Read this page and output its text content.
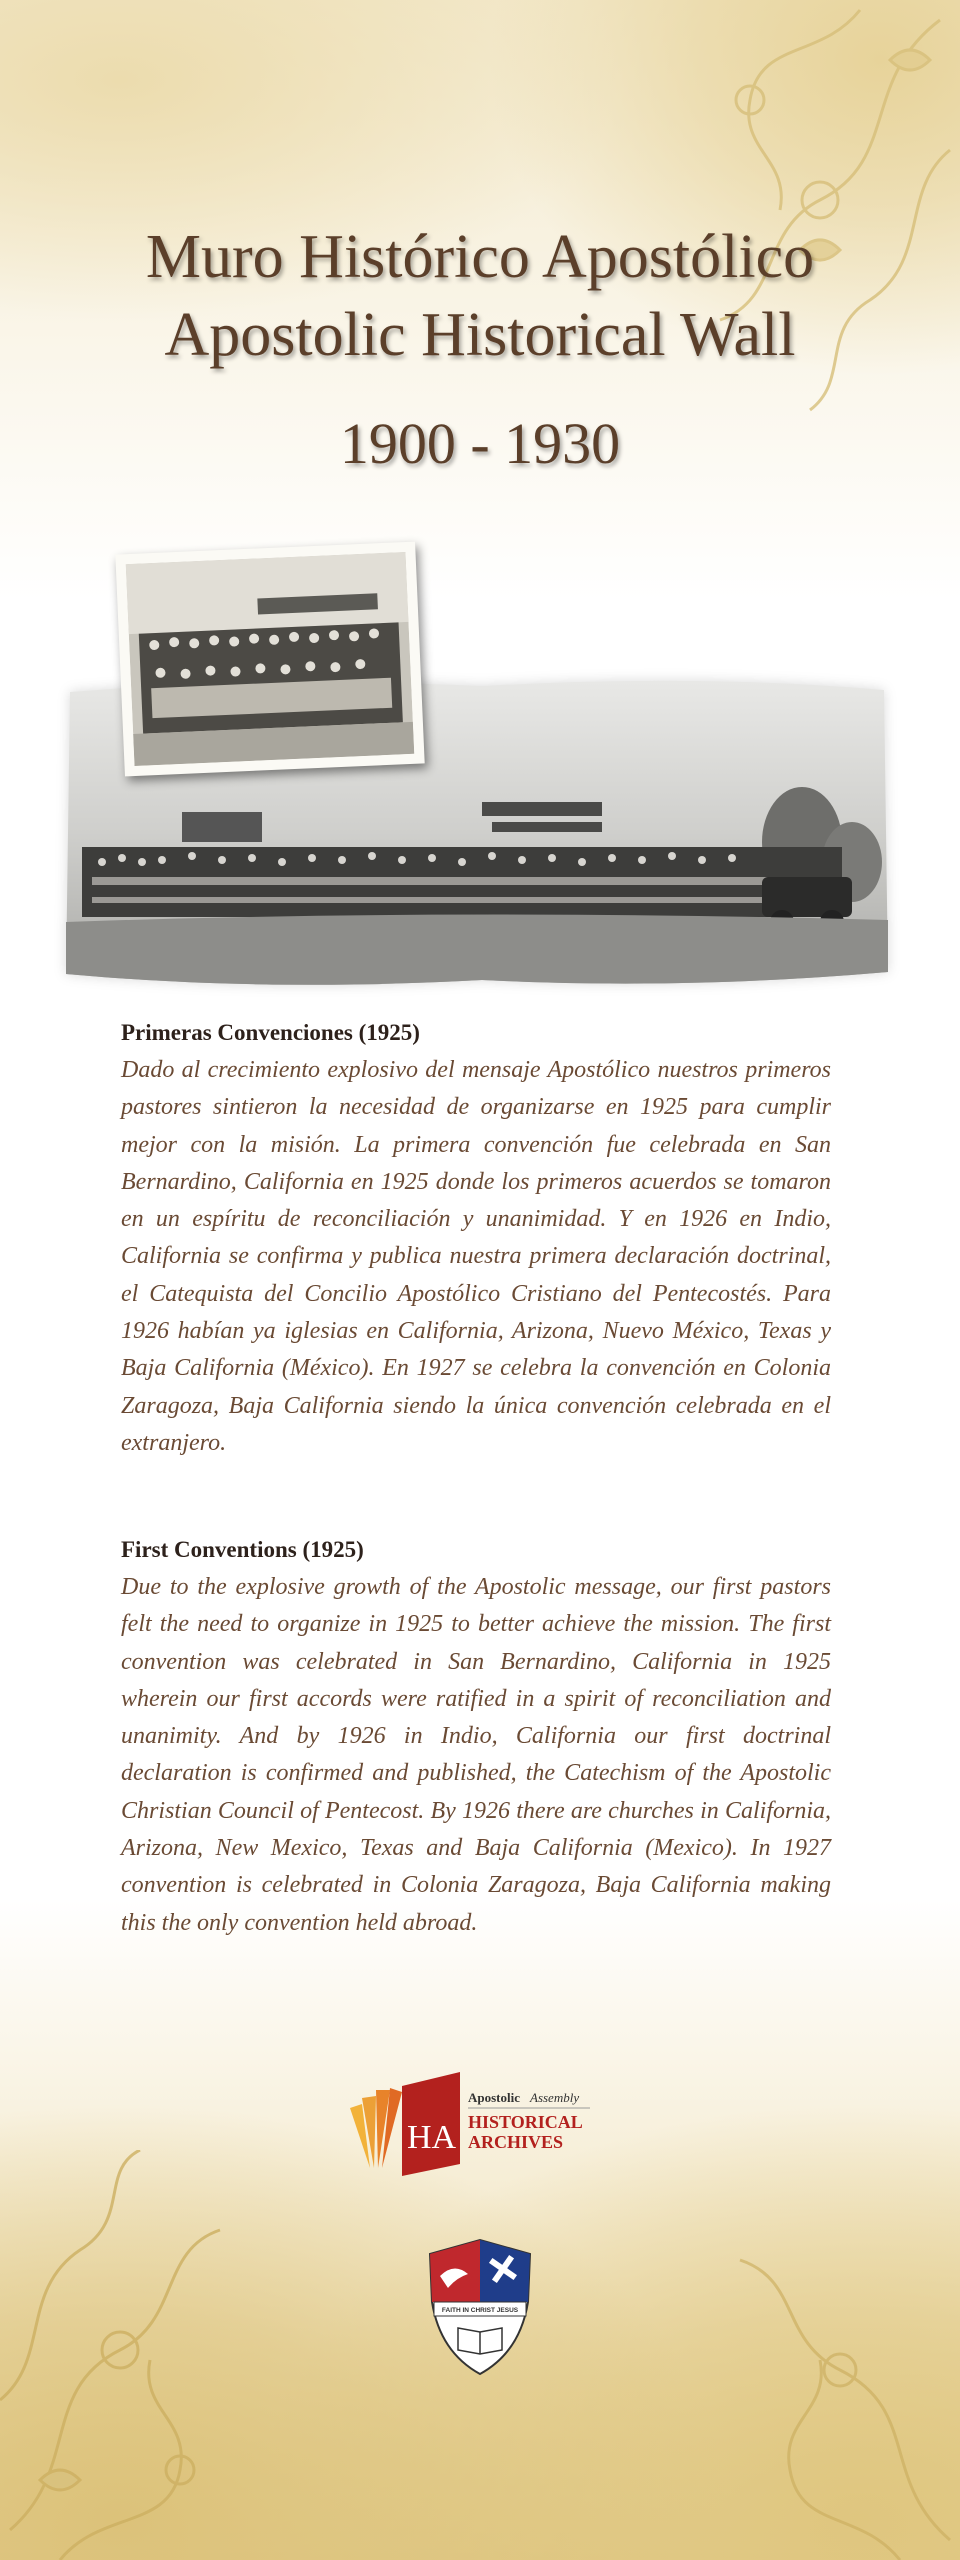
Muro Histórico Apostólico
Apostolic Historical Wall
1900 - 1930
Primeras Convenciones (1925)

Dado al crecimiento explosivo del mensaje Apostólico nuestros primeros pastores sintieron la necesidad de organizarse en 1925 para cumplir mejor con la misión. La primera convención fue celebrada en San Bernardino, California en 1925 donde los primeros acuerdos se tomaron en un espíritu de reconciliación y unanimidad. Y en 1926 en Indio, California se confirma y publica nuestra primera declaración doctrinal, el Catequista del Concilio Apostólico Cristiano del Pentecostés. Para 1926 habían ya iglesias en California, Arizona, Nuevo México, Texas y Baja California (México). En 1927 se celebra la convención en Colonia Zaragoza, Baja California siendo la única convención celebrada en el extranjero.

First Conventions (1925)

Due to the explosive growth of the Apostolic message, our first pastors felt the need to organize in 1925 to better achieve the mission. The first convention was celebrated in San Bernardino, California in 1925 wherein our first accords were ratified in a spirit of reconciliation and unanimity. And by 1926 in Indio, California our first doctrinal declaration is confirmed and published, the Catechism of the Apostolic Christian Council of Pentecost. By 1926 there are churches in California, Arizona, New Mexico, Texas and Baja California (Mexico). In 1927 convention is celebrated in Colonia Zaragoza, Baja California making this the only convention held abroad.

HA
Apostolic Assembly
HISTORICAL
ARCHIVES
FAITH IN CHRIST JESUS
